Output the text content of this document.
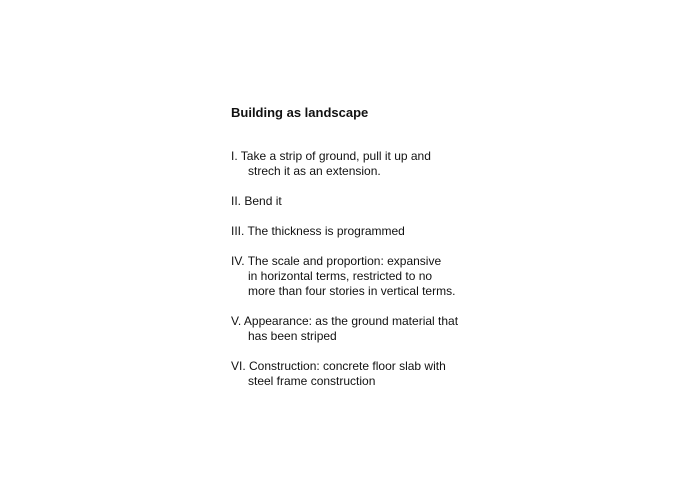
Building as landscape
I. Take a strip of ground, pull it up and
strech it as an extension.
II. Bend it
III. The thickness is programmed
IV. The scale and proportion: expansive
in horizontal terms, restricted to no
more than four stories in vertical terms.
V. Appearance: as the ground material that
has been striped
VI. Construction: concrete floor slab with
steel frame construction
